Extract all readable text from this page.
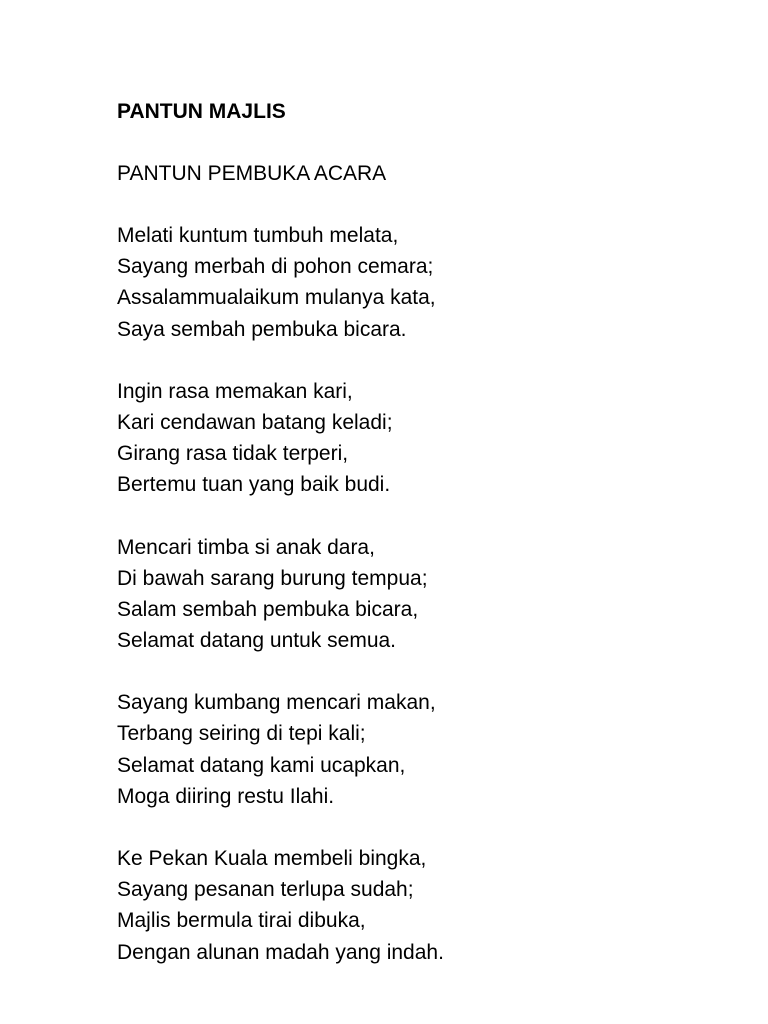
PANTUN MAJLIS
PANTUN PEMBUKA ACARA
Melati kuntum tumbuh melata,
Sayang merbah di pohon cemara;
Assalammualaikum mulanya kata,
Saya sembah pembuka bicara.
Ingin rasa memakan kari,
Kari cendawan batang keladi;
Girang rasa tidak terperi,
Bertemu tuan yang baik budi.
Mencari timba si anak dara,
Di bawah sarang burung tempua;
Salam sembah pembuka bicara,
Selamat datang untuk semua.
Sayang kumbang mencari makan,
Terbang seiring di tepi kali;
Selamat datang kami ucapkan,
Moga diiring restu Ilahi.
Ke Pekan Kuala membeli bingka,
Sayang pesanan terlupa sudah;
Majlis bermula tirai dibuka,
Dengan alunan madah yang indah.
